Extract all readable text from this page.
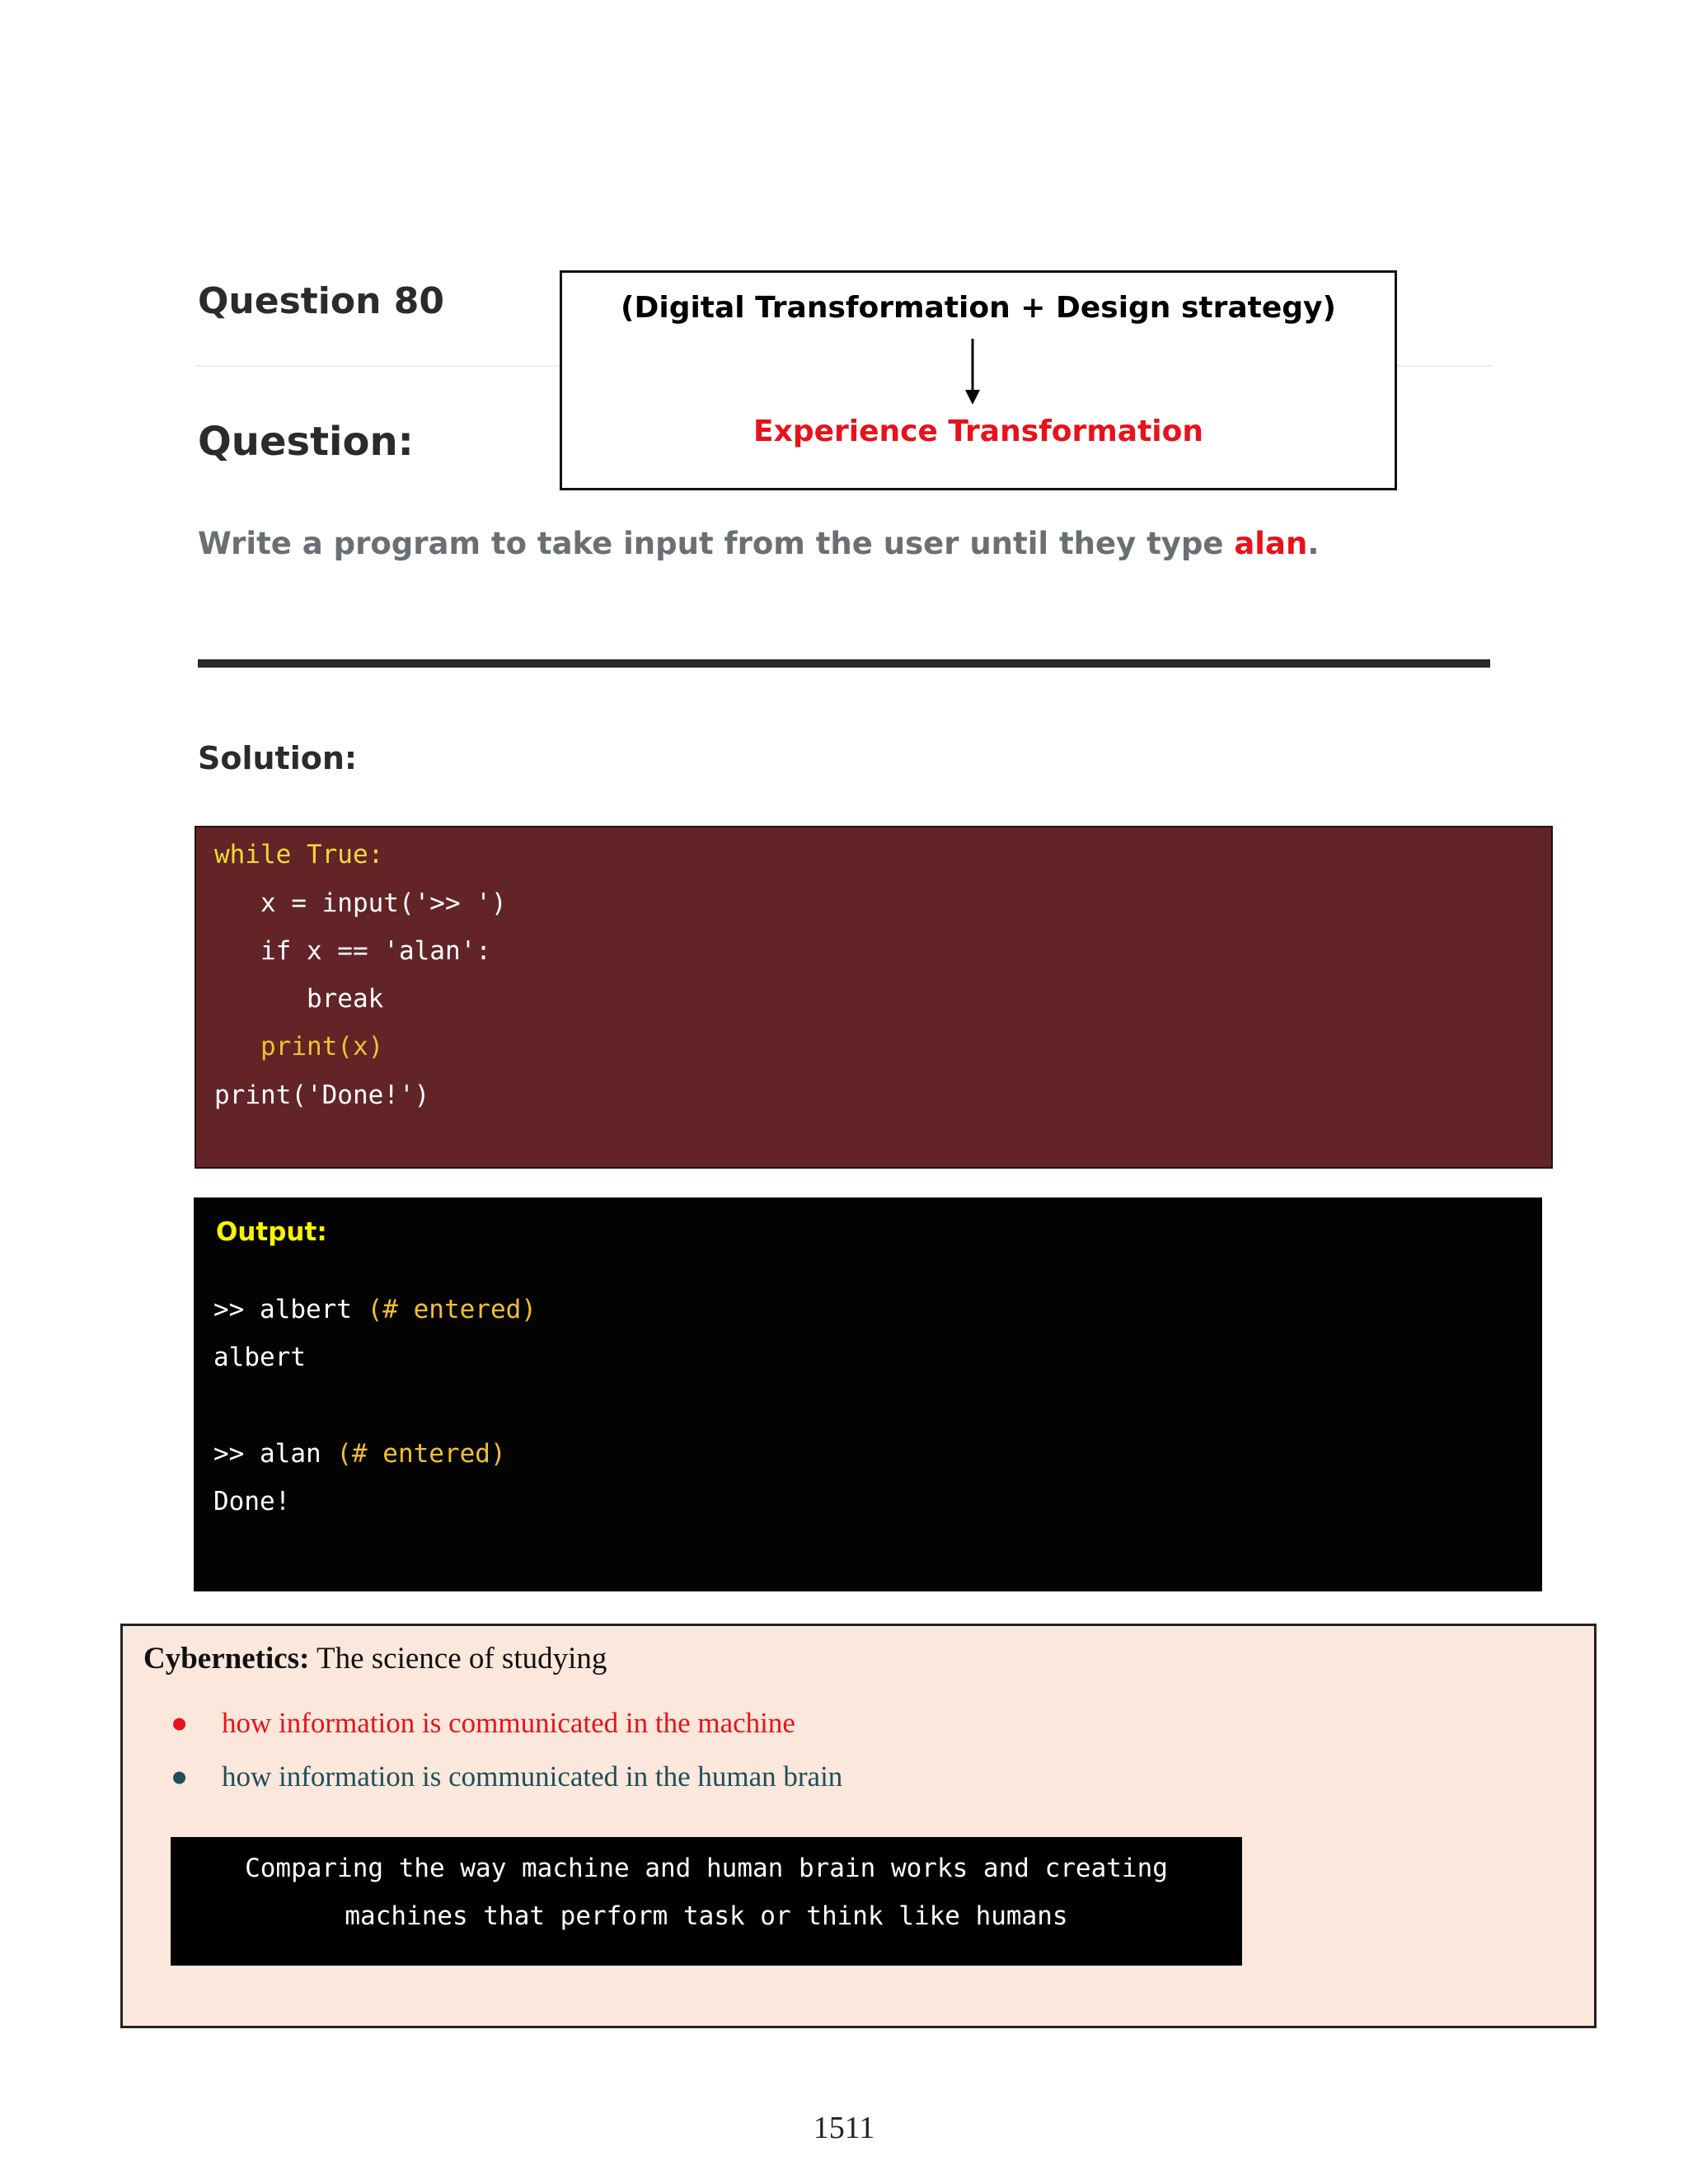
Question 80
Question:
(Digital Transformation + Design strategy)
Experience Transformation
Write a program to take input from the user until they type alan.
Solution:
while True:
x = input('>> ')
if x == 'alan':
break
print(x)
print('Done!')
Output:
>> albert (# entered)
albert
>> alan (# entered)
Done!
Cybernetics: The science of studying
● how information is communicated in the machine
● how information is communicated in the human brain
Comparing the way machine and human brain works and creating
machines that perform task or think like humans
1511
